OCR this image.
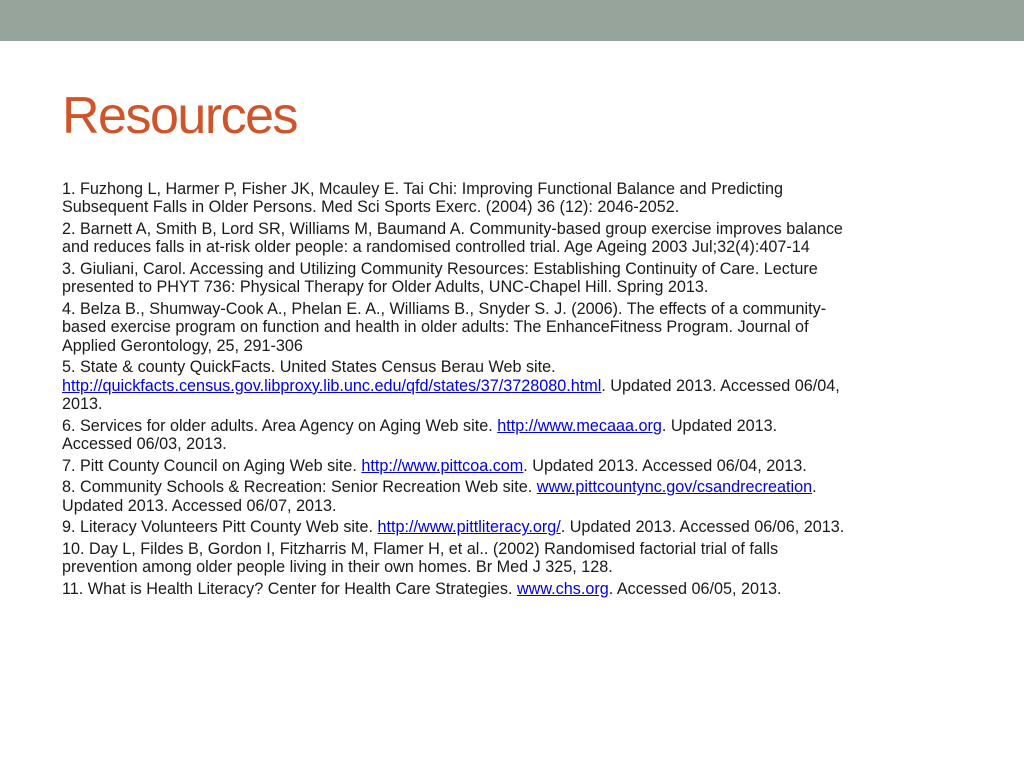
Resources
1. Fuzhong L, Harmer P, Fisher JK, Mcauley E. Tai Chi: Improving Functional Balance and Predicting
Subsequent Falls in Older Persons. Med Sci Sports Exerc. (2004) 36 (12): 2046-2052.
2. Barnett A, Smith B, Lord SR, Williams M, Baumand A. Community-based group exercise improves balance
and reduces falls in at-risk older people: a randomised controlled trial. Age Ageing 2003 Jul;32(4):407-14
3. Giuliani, Carol. Accessing and Utilizing Community Resources: Establishing Continuity of Care. Lecture
presented to PHYT 736: Physical Therapy for Older Adults, UNC-Chapel Hill. Spring 2013.
4. Belza B., Shumway-Cook A., Phelan E. A., Williams B., Snyder S. J. (2006). The effects of a community-
based exercise program on function and health in older adults: The EnhanceFitness Program. Journal of
Applied Gerontology, 25, 291-306
5. State & county QuickFacts. United States Census Berau Web site.
http://quickfacts.census.gov.libproxy.lib.unc.edu/qfd/states/37/3728080.html. Updated 2013. Accessed 06/04,
2013.
6. Services for older adults. Area Agency on Aging Web site. http://www.mecaaa.org. Updated 2013.
Accessed 06/03, 2013.
7. Pitt County Council on Aging Web site. http://www.pittcoa.com. Updated 2013. Accessed 06/04, 2013.
8. Community Schools & Recreation: Senior Recreation Web site. www.pittcountync.gov/csandrecreation.
Updated 2013. Accessed 06/07, 2013.
9. Literacy Volunteers Pitt County Web site. http://www.pittliteracy.org/. Updated 2013. Accessed 06/06, 2013.
10. Day L, Fildes B, Gordon I, Fitzharris M, Flamer H, et al.. (2002) Randomised factorial trial of falls
prevention among older people living in their own homes. Br Med J 325, 128.
11. What is Health Literacy? Center for Health Care Strategies. www.chs.org. Accessed 06/05, 2013.
